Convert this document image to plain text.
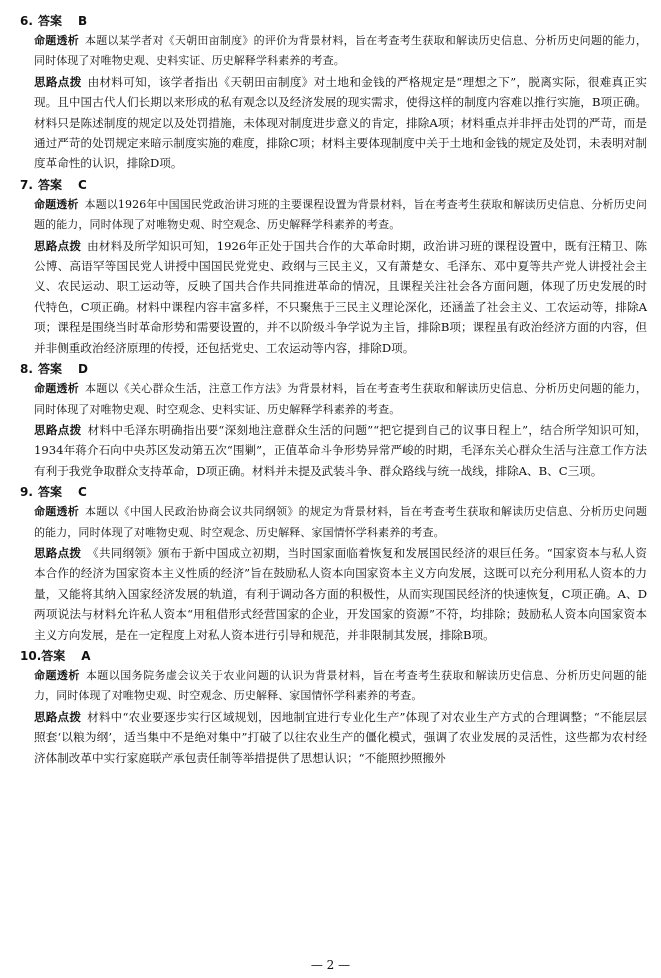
6. 答案 B

命题透析 本题以某学者对《天朝田亩制度》的评价为背景材料，旨在考查考生获取和解读历史信息、分析历史问题的能力，同时体现了对唯物史观、史料实证、历史解释学科素养的考查。

思路点拨 由材料可知，该学者指出《天朝田亩制度》对土地和金钱的严格规定是“理想之下”，脱离实际，很难真正实现。且中国古代人们长期以来形成的私有观念以及经济发展的现实需求，使得这样的制度内容难以推行实施，B项正确。材料只是陈述制度的规定以及处罚措施，未体现对制度进步意义的肯定，排除A项；材料重点并非抨击处罚的严苛，而是通过严苛的处罚规定来暗示制度实施的难度，排除C项；材料主要体现制度中关于土地和金钱的规定及处罚，未表明对制度革命性的认识，排除D项。

7. 答案 C

命题透析 本题以1926年中国国民党政治讲习班的主要课程设置为背景材料，旨在考查考生获取和解读历史信息、分析历史问题的能力，同时体现了对唯物史观、时空观念、历史解释学科素养的考查。

思路点拨 由材料及所学知识可知，1926年正处于国共合作的大革命时期，政治讲习班的课程设置中，既有汪精卫、陈公博、高语罕等国民党人讲授中国国民党党史、政纲与三民主义，又有萧楚女、毛泽东、邓中夏等共产党人讲授社会主义、农民运动、职工运动等，反映了国共合作共同推进革命的情况，且课程关注社会各方面问题，体现了历史发展的时代特色，C项正确。材料中课程内容丰富多样，不只聚焦于三民主义理论深化，还涵盖了社会主义、工农运动等，排除A项；课程是围绕当时革命形势和需要设置的，并不以阶级斗争学说为主旨，排除B项；课程虽有政治经济方面的内容，但并非侧重政治经济原理的传授，还包括党史、工农运动等内容，排除D项。

8. 答案 D

命题透析 本题以《关心群众生活，注意工作方法》为背景材料，旨在考查考生获取和解读历史信息、分析历史问题的能力，同时体现了对唯物史观、时空观念、史料实证、历史解释学科素养的考查。

思路点拨 材料中毛泽东明确指出要“深刻地注意群众生活的问题”“把它提到自己的议事日程上”，结合所学知识可知，1934年蒋介石向中央苏区发动第五次“围剿”，正值革命斗争形势异常严峻的时期，毛泽东关心群众生活与注意工作方法有利于我党争取群众支持革命，D项正确。材料并未提及武装斗争、群众路线与统一战线，排除A、B、C三项。

9. 答案 C

命题透析 本题以《中国人民政治协商会议共同纲领》的规定为背景材料，旨在考查考生获取和解读历史信息、分析历史问题的能力，同时体现了对唯物史观、时空观念、历史解释、家国情怀学科素养的考查。

思路点拨 《共同纲领》颁布于新中国成立初期，当时国家面临着恢复和发展国民经济的艰巨任务。“国家资本与私人资本合作的经济为国家资本主义性质的经济”旨在鼓励私人资本向国家资本主义方向发展，这既可以充分利用私人资本的力量，又能将其纳入国家经济发展的轨道，有利于调动各方面的积极性，从而实现国民经济的快速恢复，C项正确。A、D两项说法与材料允许私人资本“用租借形式经营国家的企业，开发国家的资源”不符，均排除；鼓励私人资本向国家资本主义方向发展，是在一定程度上对私人资本进行引导和规范，并非限制其发展，排除B项。

10.答案 A

命题透析 本题以国务院务虚会议关于农业问题的认识为背景材料，旨在考查考生获取和解读历史信息、分析历史问题的能力，同时体现了对唯物史观、时空观念、历史解释、家国情怀学科素养的考查。

思路点拨 材料中“农业要逐步实行区域规划，因地制宜进行专业化生产”体现了对农业生产方式的合理调整；“不能层层照套‘以粮为纲’，适当集中不是绝对集中”打破了以往农业生产的僵化模式，强调了农业发展的灵活性，这些都为农村经济体制改革中实行家庭联产承包责任制等举措提供了思想认识；“不能照抄照搬外

— 2 —
